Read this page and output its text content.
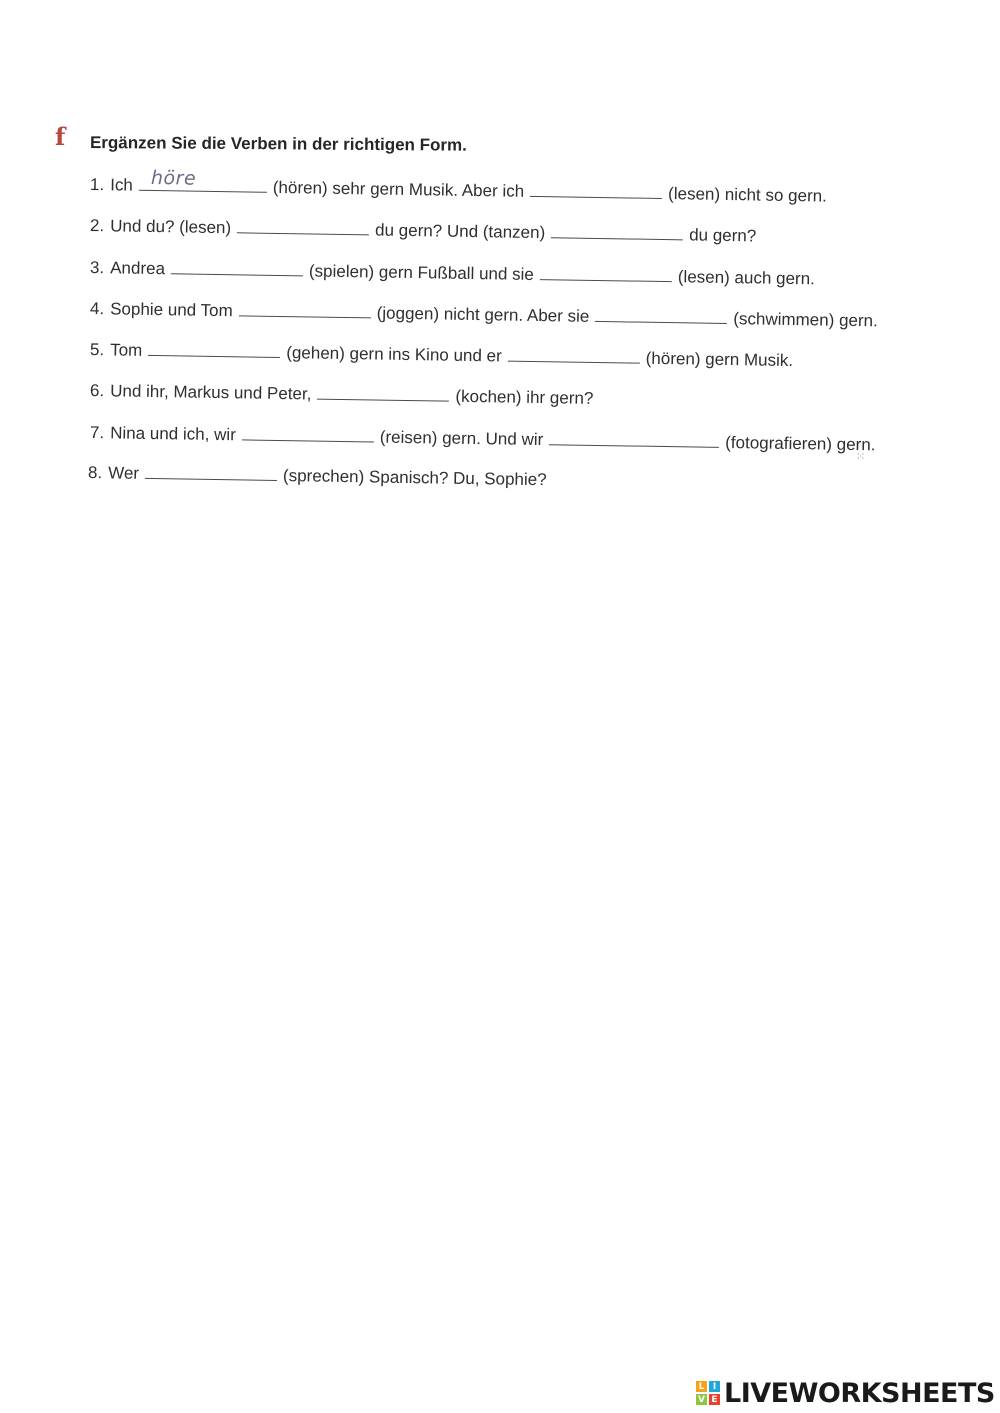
f Ergänzen Sie die Verben in der richtigen Form.
1. Ich höre	(hören) sehr gern Musik. Aber ich	(lesen) nicht so gern.
2. Und du? (lesen)	du gern? Und (tanzen)	du gern?
3. Andrea	(spielen) gern Fußball und sie	(lesen) auch gern.
4. Sophie und Tom	(joggen) nicht gern. Aber sie	(schwimmen) gern.
5. Tom	(gehen) gern ins Kino und er	(hören) gern Musik.
6. Und ihr, Markus und Peter,	(kochen) ihr gern?
7. Nina und ich, wir	(reisen) gern. Und wir	(fotografieren) gern.
8. Wer	(sprechen) Spanisch? Du, Sophie?
⁙
L I
V E LIVEWORKSHEETS
